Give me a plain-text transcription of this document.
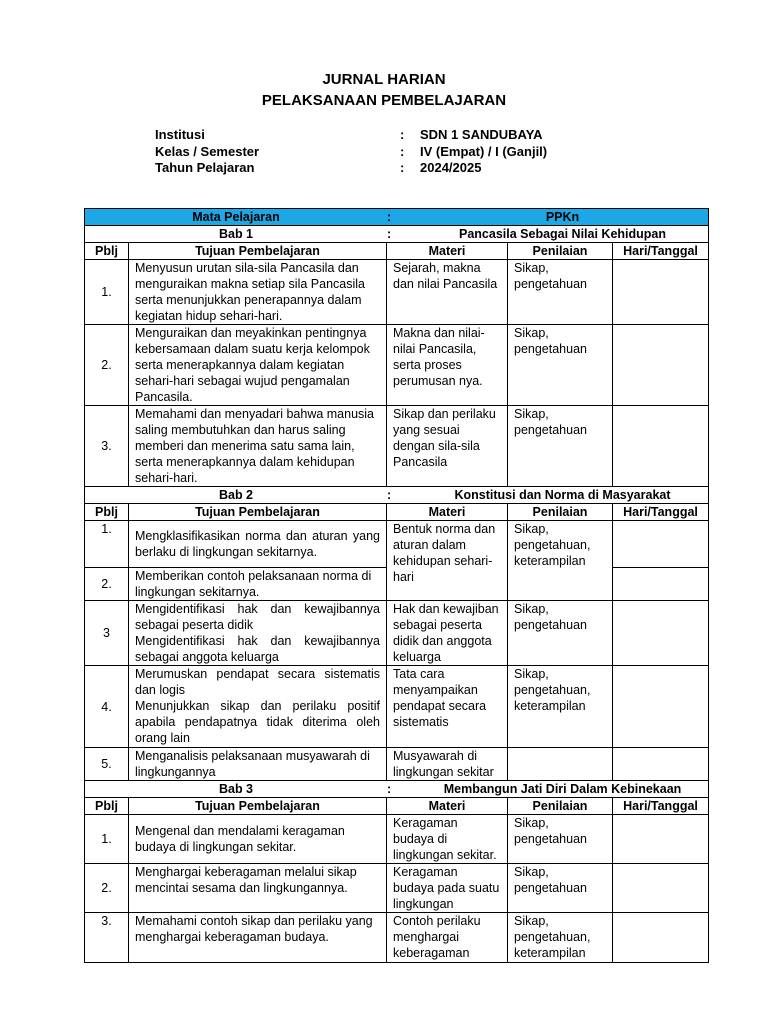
JURNAL HARIAN
PELAKSANAAN PEMBELAJARAN
Institusi	: SDN 1 SANDUBAYA
Kelas / Semester	: IV (Empat) / I (Ganjil)
Tahun Pelajaran	: 2024/2025
Mata Pelajaran : PPKn				

Bab 1 : Pancasila Sebagai Nilai Kehidupan				

Pblj	Tujuan Pembelajaran	Materi	Penilaian	Hari/Tanggal
1.	Menyusun urutan sila-sila Pancasila dan menguraikan makna setiap sila Pancasila serta menunjukkan penerapannya dalam kegiatan hidup sehari-hari.	Sejarah, makna dan nilai Pancasila	Sikap, pengetahuan	
2.	Menguraikan dan meyakinkan pentingnya kebersamaan dalam suatu kerja kelompok serta menerapkannya dalam kegiatan sehari-hari sebagai wujud pengamalan Pancasila.	Makna dan nilai-nilai Pancasila, serta proses perumusan nya.	Sikap, pengetahuan	
3.	Memahami dan menyadari bahwa manusia saling membutuhkan dan harus saling memberi dan menerima satu sama lain, serta menerapkannya dalam kehidupan sehari-hari.	Sikap dan perilaku yang sesuai dengan sila-sila Pancasila	Sikap, pengetahuan	

Bab 2 : Konstitusi dan Norma di Masyarakat				

Pblj	Tujuan Pembelajaran	Materi	Penilaian	Hari/Tanggal
1.	Mengklasifikasikan norma dan aturan yang berlaku di lingkungan sekitarnya.	Bentuk norma dan aturan dalam kehidupan sehari-hari	Sikap, pengetahuan, keterampilan	
2.	Memberikan contoh pelaksanaan norma di lingkungan sekitarnya.			
3	Mengidentifikasi hak dan kewajibannya sebagai peserta didik
Mengidentifikasi hak dan kewajibannya sebagai anggota keluarga	Hak dan kewajiban sebagai peserta didik dan anggota keluarga	Sikap, pengetahuan	
4.	Merumuskan pendapat secara sistematis dan logis
Menunjukkan sikap dan perilaku positif apabila pendapatnya tidak diterima oleh orang lain	Tata cara menyampaikan pendapat secara sistematis	Sikap, pengetahuan, keterampilan	
5.	Menganalisis pelaksanaan musyawarah di lingkungannya	Musyawarah di lingkungan sekitar		

Bab 3 : Membangun Jati Diri Dalam Kebinekaan				

Pblj	Tujuan Pembelajaran	Materi	Penilaian	Hari/Tanggal
1.	Mengenal dan mendalami keragaman budaya di lingkungan sekitar.	Keragaman budaya di lingkungan sekitar.	Sikap, pengetahuan	
2.	Menghargai keberagaman melalui sikap mencintai sesama dan lingkungannya.	Keragaman budaya pada suatu lingkungan	Sikap, pengetahuan	
3.	Memahami contoh sikap dan perilaku yang menghargai keberagaman budaya.	Contoh perilaku menghargai keberagaman	Sikap, pengetahuan, keterampilan	
